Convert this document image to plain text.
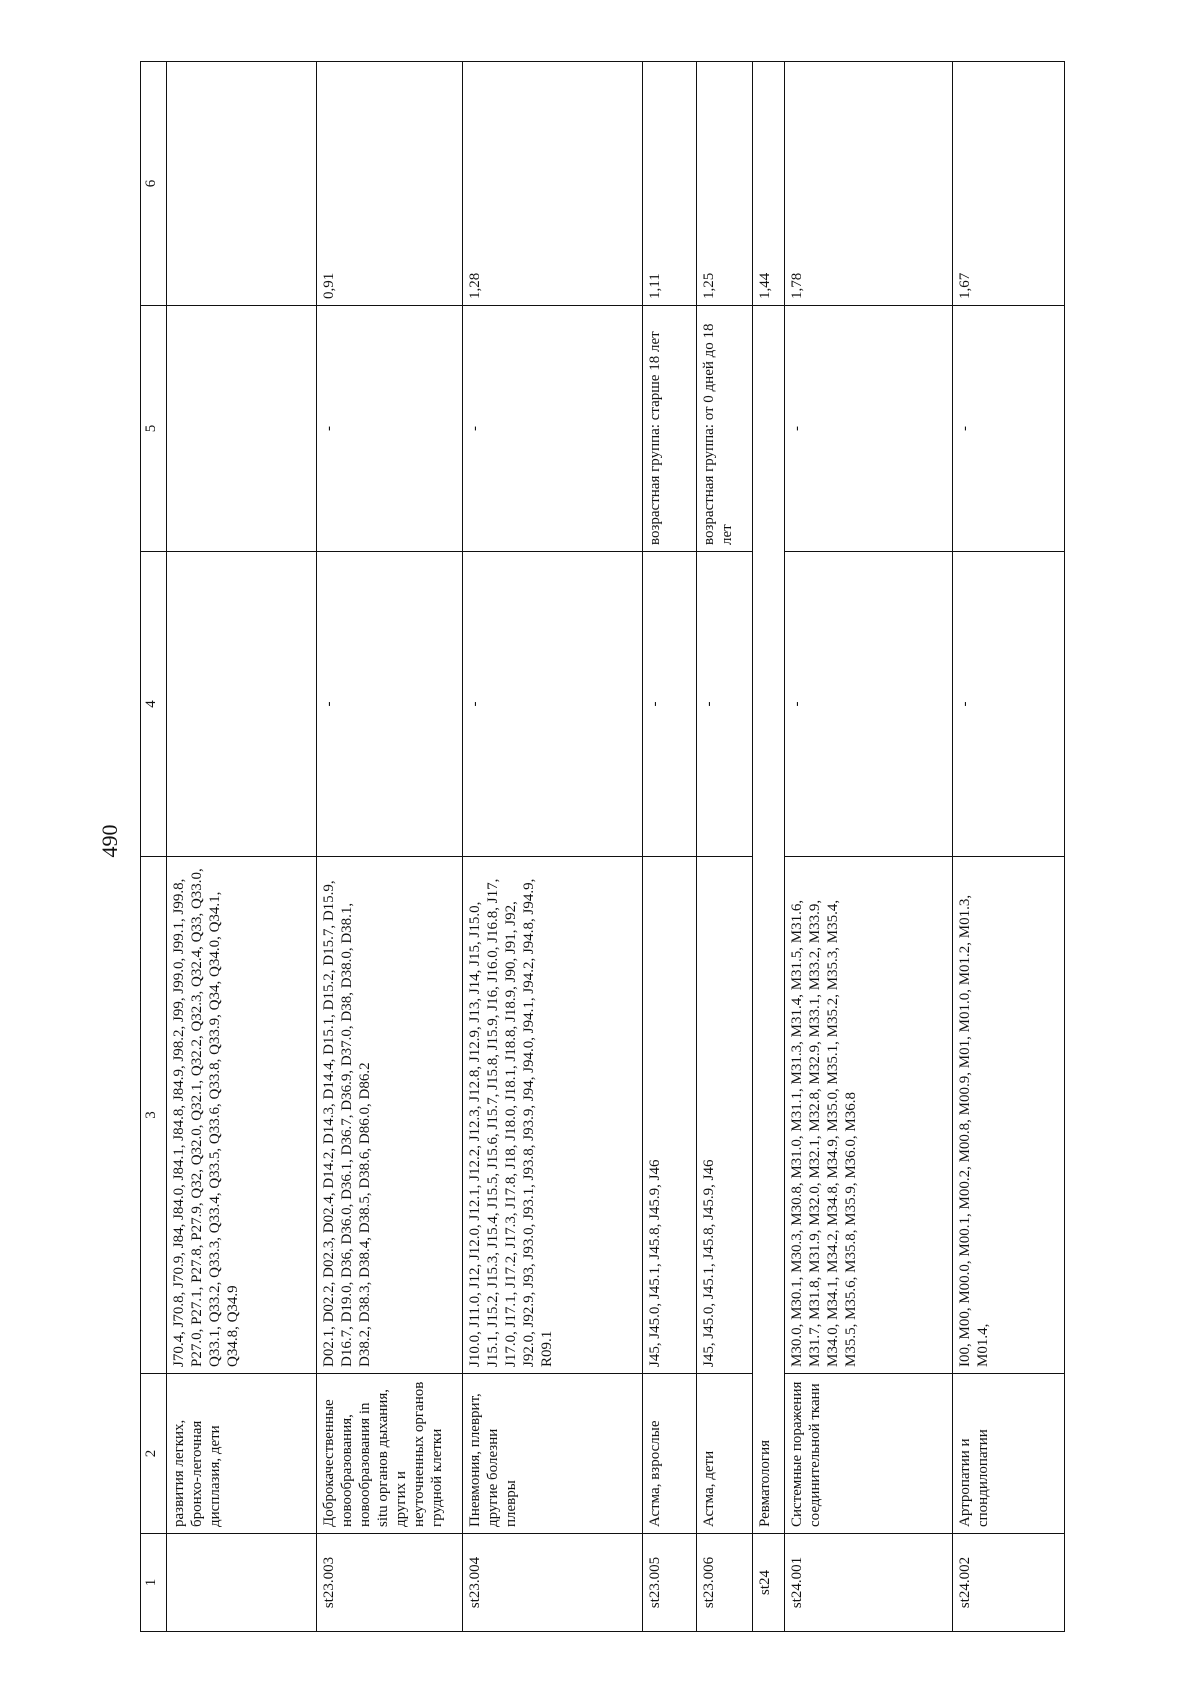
490
1	2	3	4	5	6
	развития легких, бронхо-легочная дисплазия, дети	J70.4, J70.8, J70.9, J84, J84.0, J84.1, J84.8, J84.9, J98.2, J99, J99.0, J99.1, J99.8, P27.0, P27.1, P27.8, P27.9, Q32, Q32.0, Q32.1, Q32.2, Q32.3, Q32.4, Q33, Q33.0, Q33.1, Q33.2, Q33.3, Q33.4, Q33.5, Q33.6, Q33.8, Q33.9, Q34, Q34.0, Q34.1, Q34.8, Q34.9			
st23.003	Доброкачественные новообразования, новообразования in situ органов дыхания, других и неуточненных органов грудной клетки	D02.1, D02.2, D02.3, D02.4, D14.2, D14.3, D14.4, D15.1, D15.2, D15.7, D15.9, D16.7, D19.0, D36, D36.0, D36.1, D36.7, D36.9, D37.0, D38, D38.0, D38.1, D38.2, D38.3, D38.4, D38.5, D38.6, D86.0, D86.2	-	-	0,91
st23.004	Пневмония, плеврит, другие болезни плевры	J10.0, J11.0, J12, J12.0, J12.1, J12.2, J12.3, J12.8, J12.9, J13, J14, J15, J15.0, J15.1, J15.2, J15.3, J15.4, J15.5, J15.6, J15.7, J15.8, J15.9, J16, J16.0, J16.8, J17, J17.0, J17.1, J17.2, J17.3, J17.8, J18, J18.0, J18.1, J18.8, J18.9, J90, J91, J92, J92.0, J92.9, J93, J93.0, J93.1, J93.8, J93.9, J94, J94.0, J94.1, J94.2, J94.8, J94.9, R09.1	-	-	1,28
st23.005	Астма, взрослые	J45, J45.0, J45.1, J45.8, J45.9, J46	-	возрастная группа: старше 18 лет	1,11
st23.006	Астма, дети	J45, J45.0, J45.1, J45.8, J45.9, J46	-	возрастная группа: от 0 дней до 18 лет	1,25
st24	Ревматология				1,44
st24.001	Системные поражения соединительной ткани	M30.0, M30.1, M30.3, M30.8, M31.0, M31.1, M31.3, M31.4, M31.5, M31.6, M31.7, M31.8, M31.9, M32.0, M32.1, M32.8, M32.9, M33.1, M33.2, M33.9, M34.0, M34.1, M34.2, M34.8, M34.9, M35.0, M35.1, M35.2, M35.3, M35.4, M35.5, M35.6, M35.8, M35.9, M36.0, M36.8	-	-	1,78
st24.002	Артропатии и спондилопатии	I00, M00, M00.0, M00.1, M00.2, M00.8, M00.9, M01, M01.0, M01.2, M01.3, M01.4,	-	-	1,67
